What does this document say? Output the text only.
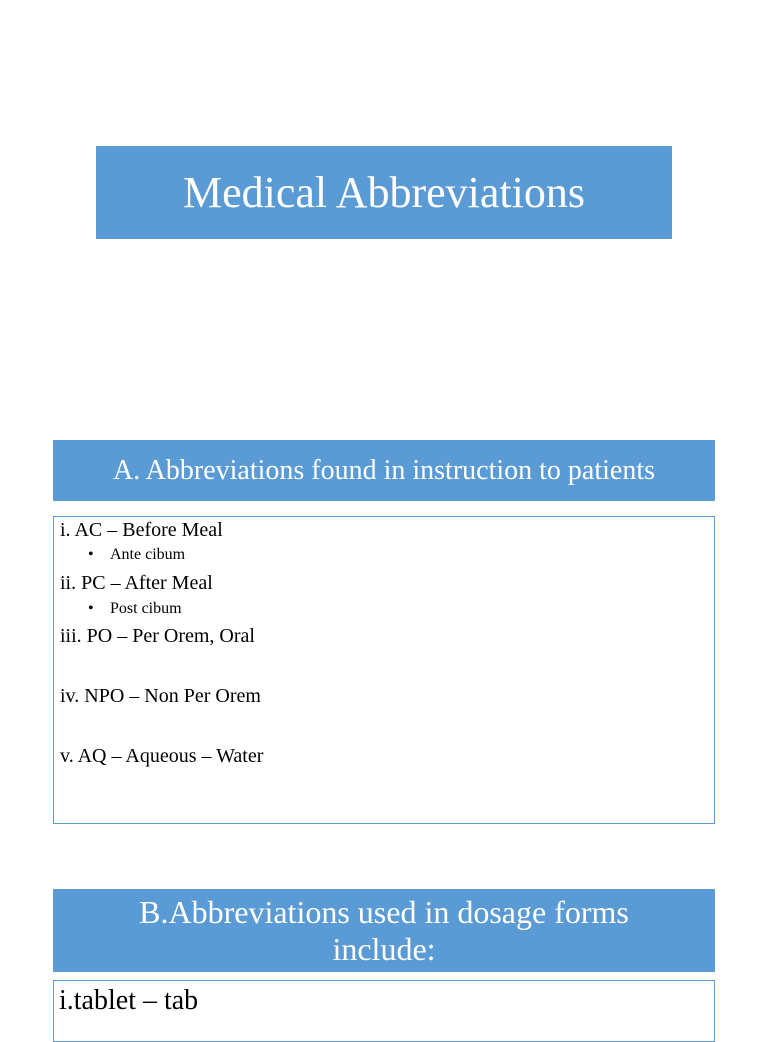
Medical Abbreviations
A. Abbreviations found in instruction to patients
i. AC – Before Meal
• Ante cibum
ii. PC – After Meal
• Post cibum
iii. PO – Per Orem, Oral
iv. NPO – Non Per Orem
v. AQ – Aqueous – Water
B.Abbreviations used in dosage forms
include:
i.tablet – tab
